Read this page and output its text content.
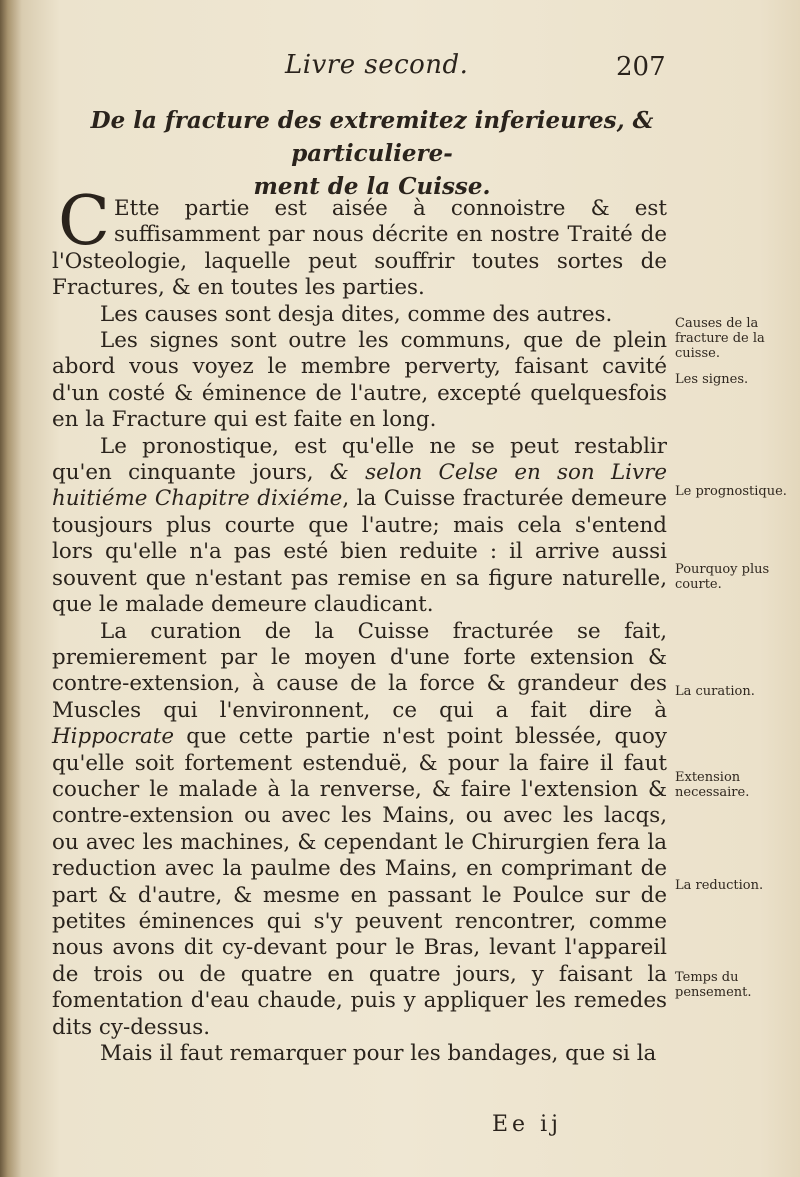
Livre second.	207
De la fracture des extremitez inferieures, & particuliere-
ment de la Cuisse.

C Ette partie est aisée à connoistre & est suffisamment par nous décrite en nostre Traité de l'Osteologie, laquelle peut souffrir toutes sortes de Fractures, & en toutes les parties.

Les causes sont desja dites, comme des autres.

Les signes sont outre les communs, que de plein abord vous voyez le membre perverty, faisant cavité d'un costé & éminence de l'autre, excepté quelquesfois en la Fracture qui est faite en long.

Le pronostique, est qu'elle ne se peut restablir qu'en cinquante jours, & selon Celse en son Livre huitiéme Chapitre dixiéme, la Cuisse fracturée demeure tousjours plus courte que l'autre; mais cela s'entend lors qu'elle n'a pas esté bien reduite : il arrive aussi souvent que n'estant pas remise en sa figure naturelle, que le malade demeure claudicant.

La curation de la Cuisse fracturée se fait, premierement par le moyen d'une forte extension & contre-extension, à cause de la force & grandeur des Muscles qui l'environnent, ce qui a fait dire à Hippocrate que cette partie n'est point blessée, quoy qu'elle soit fortement estenduë, & pour la faire il faut coucher le malade à la renverse, & faire l'extension & contre-extension ou avec les Mains, ou avec les lacqs, ou avec les machines, & cependant le Chirurgien fera la reduction avec la paulme des Mains, en comprimant de part & d'autre, & mesme en passant le Poulce sur de petites éminences qui s'y peuvent rencontrer, comme nous avons dit cy-devant pour le Bras, levant l'appareil de trois ou de quatre en quatre jours, y faisant la fomentation d'eau chaude, puis y appliquer les remedes dits cy-dessus.

Mais il faut remarquer pour les bandages, que si la

Causes de la fracture de la cuisse.
Les signes.
Le prognostique.
Pourquoy plus courte.
La curation.
Extension necessaire.
La reduction.
Temps du pensement.
Ee ij
